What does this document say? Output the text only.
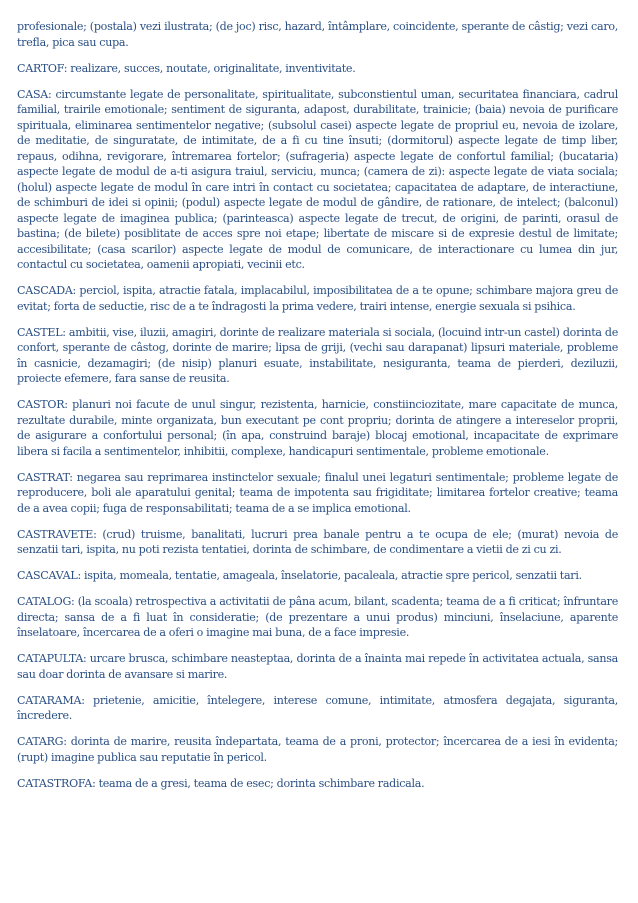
profesionale; (postala) vezi ilustrata; (de joc) risc, hazard, întâmplare, coincidente, sperante de câstig; vezi caro, trefla, pica sau cupa.

CARTOF: realizare, succes, noutate, originalitate, inventivitate.

CASA: circumstante legate de personalitate, spiritualitate, subconstientul uman, securitatea financiara, cadrul familial, trairile emotionale; sentiment de siguranta, adapost, durabilitate, trainicie; (baia) nevoia de purificare spirituala, eliminarea sentimentelor negative; (subsolul casei) aspecte legate de propriul eu, nevoia de izolare, de meditatie, de singuratate, de intimitate, de a fi cu tine însuti; (dormitorul) aspecte legate de timp liber, repaus, odihna, revigorare, întremarea fortelor; (sufrageria) aspecte legate de confortul familial; (bucataria) aspecte legate de modul de a-ti asigura traiul, serviciu, munca; (camera de zi): aspecte legate de viata sociala; (holul) aspecte legate de modul în care intri în contact cu societatea; capacitatea de adaptare, de interactiune, de schimburi de idei si opinii; (podul) aspecte legate de modul de gândire, de rationare, de intelect; (balconul) aspecte legate de imaginea publica; (parinteasca) aspecte legate de trecut, de origini, de parinti, orasul de bastina; (de bilete) posiblitate de acces spre noi etape; libertate de miscare si de expresie destul de limitate; accesibilitate; (casa scarilor) aspecte legate de modul de comunicare, de interactionare cu lumea din jur, contactul cu societatea, oamenii apropiati, vecinii etc.

CASCADA: perciol, ispita, atractie fatala, implacabilul, imposibilitatea de a te opune; schimbare majora greu de evitat; forta de seductie, risc de a te îndragosti la prima vedere, trairi intense, energie sexuala si psihica.

CASTEL: ambitii, vise, iluzii, amagiri, dorinte de realizare materiala si sociala, (locuind intr-un castel) dorinta de confort, sperante de câstog, dorinte de marire; lipsa de griji, (vechi sau darapanat) lipsuri materiale, probleme în casnicie, dezamagiri; (de nisip) planuri esuate, instabilitate, nesiguranta, teama de pierderi, deziluzii, proiecte efemere, fara sanse de reusita.

CASTOR: planuri noi facute de unul singur, rezistenta, harnicie, constiinciozitate, mare capacitate de munca, rezultate durabile, minte organizata, bun executant pe cont propriu; dorinta de atingere a intereselor proprii, de asigurare a confortului personal; (în apa, construind baraje) blocaj emotional, incapacitate de exprimare libera si facila a sentimentelor, inhibitii, complexe, handicapuri sentimentale, probleme emotionale.

CASTRAT: negarea sau reprimarea instinctelor sexuale; finalul unei legaturi sentimentale; probleme legate de reproducere, boli ale aparatului genital; teama de impotenta sau frigiditate; limitarea fortelor creative; teama de a avea copii; fuga de responsabilitati; teama de a se implica emotional.

CASTRAVETE: (crud) truisme, banalitati, lucruri prea banale pentru a te ocupa de ele; (murat) nevoia de senzatii tari, ispita, nu poti rezista tentatiei, dorinta de schimbare, de condimentare a vietii de zi cu zi.

CASCAVAL: ispita, momeala, tentatie, amageala, înselatorie, pacaleala, atractie spre pericol, senzatii tari.

CATALOG: (la scoala) retrospectiva a activitatii de pâna acum, bilant, scadenta; teama de a fi criticat; înfruntare directa; sansa de a fi luat în consideratie; (de prezentare a unui produs) minciuni, înselaciune, aparente înselatoare, încercarea de a oferi o imagine mai buna, de a face impresie.

CATAPULTA: urcare brusca, schimbare neasteptaa, dorinta de a înainta mai repede în activitatea actuala, sansa sau doar dorinta de avansare si marire.

CATARAMA: prietenie, amicitie, întelegere, interese comune, intimitate, atmosfera degajata, siguranta, încredere.

CATARG: dorinta de marire, reusita îndepartata, teama de a proni, protector; încercarea de a iesi în evidenta; (rupt) imagine publica sau reputatie în pericol.

CATASTROFA: teama de a gresi, teama de esec; dorinta schimbare radicala.
